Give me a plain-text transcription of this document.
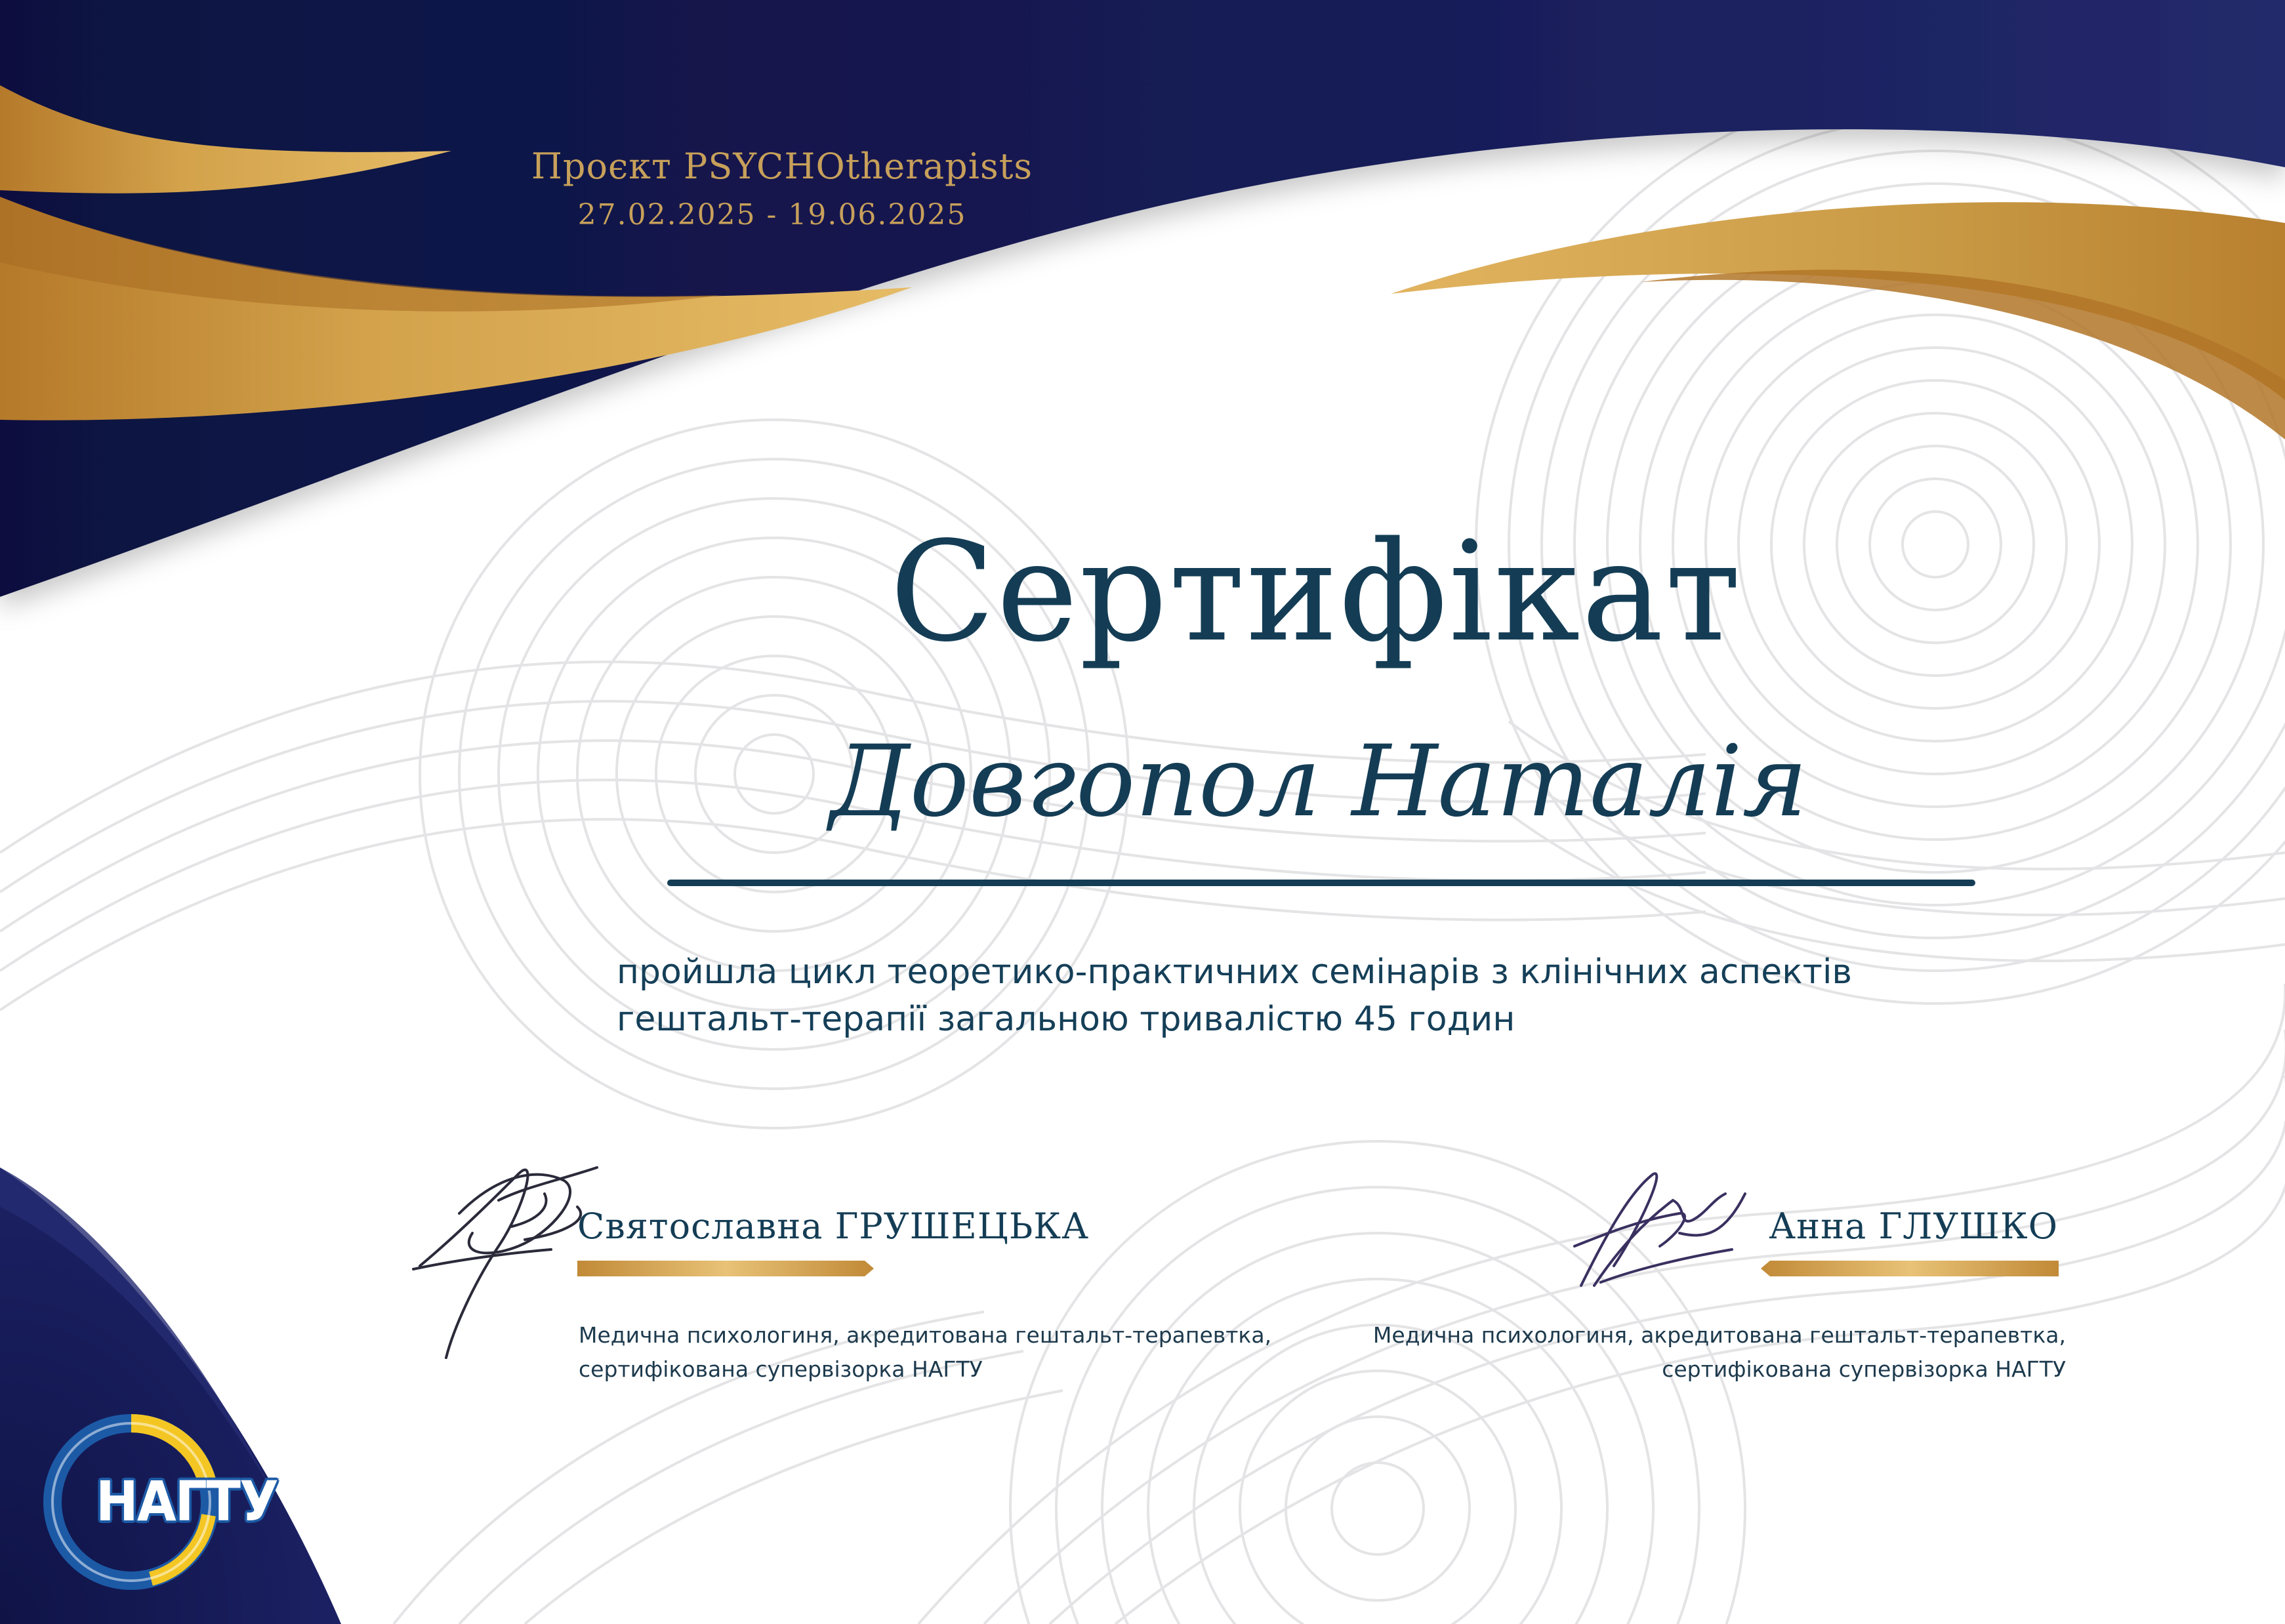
Проєкт PSYCHOtherapists
27.02.2025 - 19.06.2025
Сертифікат
Довгопол Наталія
пройшла цикл теоретико-практичних семінарів з клінічних аспектів
гештальт-терапії загальною тривалістю 45 годин
Святославна ГРУШЕЦЬКА
Медична психологиня, акредитована гештальт-терапевтка,
сертифікована супервізорка НАГТУ
Анна ГЛУШКО
Медична психологиня, акредитована гештальт-терапевтка,
сертифікована супервізорка НАГТУ
НАГТУ
